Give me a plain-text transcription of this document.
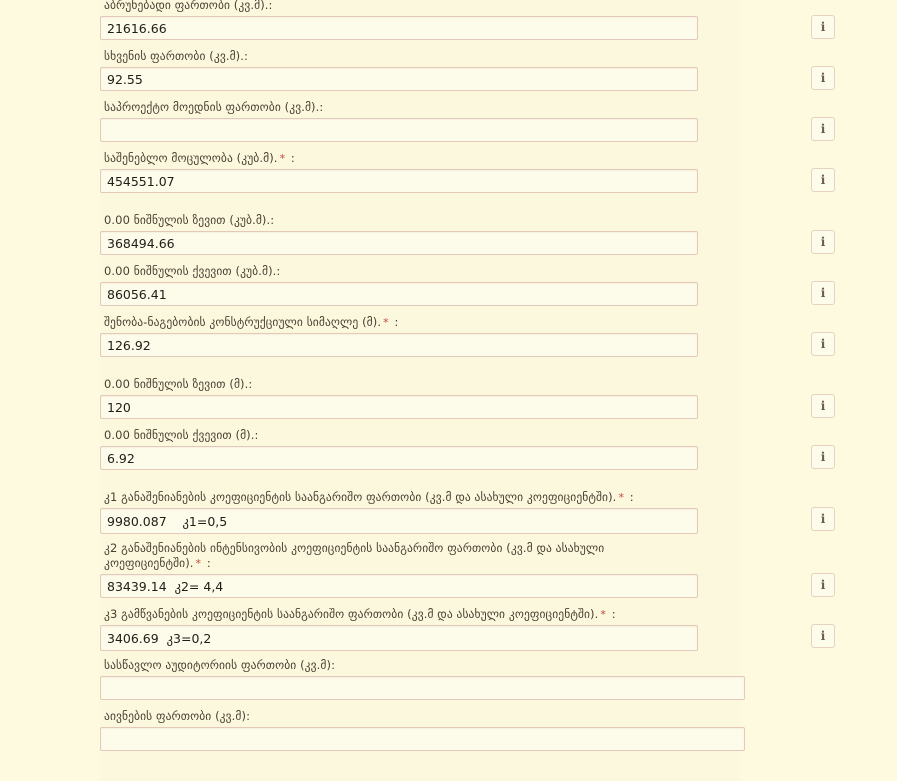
აბრუნებადი ფართობი (კვ.მ).:
21616.66
i
სხვენის ფართობი (კვ.მ).:
92.55
i
საპროექტო მოედნის ფართობი (კვ.მ).:
i
საშენებლო მოცულობა (კუბ.მ). * :
454551.07
i
0.00 ნიშნულის ზევით (კუბ.მ).:
368494.66
i
0.00 ნიშნულის ქვევით (კუბ.მ).:
86056.41
i
შენობა-ნაგებობის კონსტრუქციული სიმაღლე (მ). * :
126.92
i
0.00 ნიშნულის ზევით (მ).:
120
i
0.00 ნიშნულის ქვევით (მ).:
6.92
i
კ1 განაშენიანების კოეფიციენტის საანგარიშო ფართობი (კვ.მ და ასახული კოეფიციენტში). * :
9980.087 კ1=0,5
i
კ2 განაშენიანების ინტენსივობის კოეფიციენტის საანგარიშო ფართობი (კვ.მ და ასახული კოეფიციენტში). * :
83439.14 კ2= 4,4
i
კ3 გამწვანების კოეფიციენტის საანგარიშო ფართობი (კვ.მ და ასახული კოეფიციენტში). * :
3406.69 კ3=0,2
i
სასწავლო აუდიტორიის ფართობი (კვ.მ):
აივნების ფართობი (კვ.მ):
